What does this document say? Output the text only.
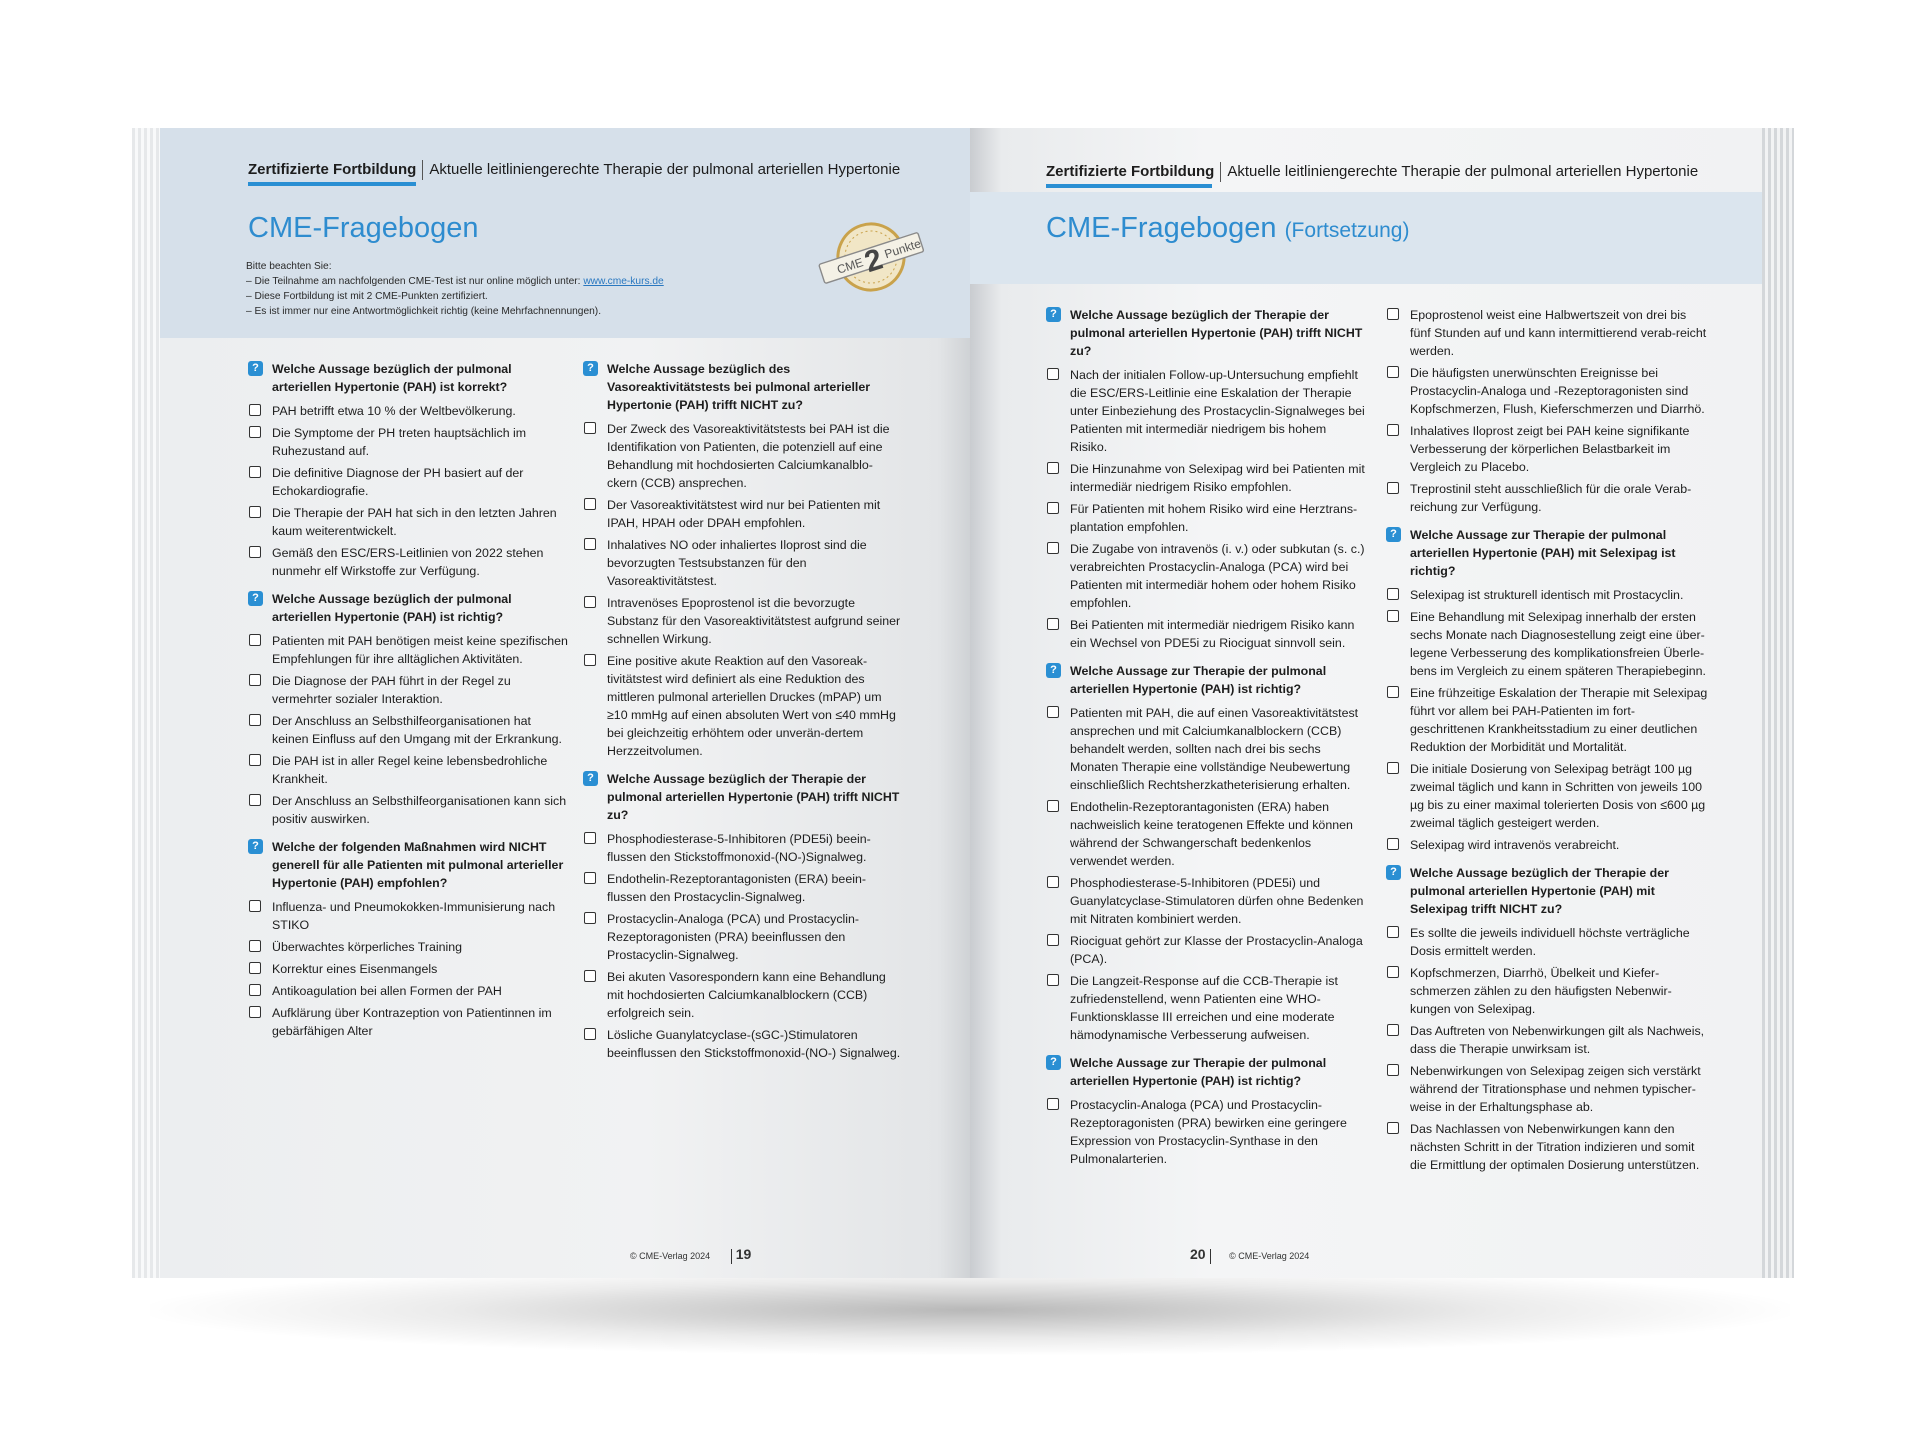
Zertifizierte Fortbildung Aktuelle leitliniengerechte Therapie der pulmonal arteriellen Hypertonie
CME-Fragebogen
Bitte beachten Sie:
– Die Teilnahme am nachfolgenden CME-Test ist nur online möglich unter: www.cme-kurs.de
– Diese Fortbildung ist mit 2 CME-Punkten zertifiziert.
– Es ist immer nur eine Antwortmöglichkeit richtig (keine Mehrfachnennungen).
CME
2
Punkte
?	Welche Aussage bezüglich der pulmonal arteriellen Hypertonie (PAH) ist korrekt?
PAH betrifft etwa 10 % der Weltbevölkerung.
Die Symptome der PH treten hauptsächlich im Ruhezustand auf.
Die definitive Diagnose der PH basiert auf der Echokardiografie.
Die Therapie der PAH hat sich in den letzten Jahren kaum weiterentwickelt.
Gemäß den ESC/ERS-Leitlinien von 2022 stehen nunmehr elf Wirkstoffe zur Verfügung.
?	Welche Aussage bezüglich der pulmonal arteriellen Hypertonie (PAH) ist richtig?
Patienten mit PAH benötigen meist keine spezifischen Empfehlungen für ihre alltäglichen Aktivitäten.
Die Diagnose der PAH führt in der Regel zu vermehrter sozialer Interaktion.
Der Anschluss an Selbsthilfeorganisationen hat keinen Einfluss auf den Umgang mit der Erkrankung.
Die PAH ist in aller Regel keine lebensbedrohliche Krankheit.
Der Anschluss an Selbsthilfeorganisationen kann sich positiv auswirken.
?	Welche der folgenden Maßnahmen wird NICHT generell für alle Patienten mit pulmonal arterieller Hypertonie (PAH) empfohlen?
Influenza- und Pneumokokken-Immunisierung nach STIKO
Überwachtes körperliches Training
Korrektur eines Eisenmangels
Antikoagulation bei allen Formen der PAH
Aufklärung über Kontrazeption von Patientinnen im gebärfähigen Alter
?	Welche Aussage bezüglich des Vasoreaktivitätstests bei pulmonal arterieller Hypertonie (PAH) trifft NICHT zu?
Der Zweck des Vasoreaktivitätstests bei PAH ist die Identifikation von Patienten, die potenziell auf eine Behandlung mit hochdosierten Calciumkanalblo-ckern (CCB) ansprechen.
Der Vasoreaktivitätstest wird nur bei Patienten mit IPAH, HPAH oder DPAH empfohlen.
Inhalatives NO oder inhaliertes Iloprost sind die bevorzugten Testsubstanzen für den Vasoreaktivitätstest.
Intravenöses Epoprostenol ist die bevorzugte Substanz für den Vasoreaktivitätstest aufgrund seiner schnellen Wirkung.
Eine positive akute Reaktion auf den Vasoreak-tivitätstest wird definiert als eine Reduktion des mittleren pulmonal arteriellen Druckes (mPAP) um ≥10 mmHg auf einen absoluten Wert von ≤40 mmHg bei gleichzeitig erhöhtem oder unverän-dertem Herzzeitvolumen.
?	Welche Aussage bezüglich der Therapie der pulmonal arteriellen Hypertonie (PAH) trifft NICHT zu?
Phosphodiesterase-5-Inhibitoren (PDE5i) beein-flussen den Stickstoffmonoxid-(NO-)Signalweg.
Endothelin-Rezeptorantagonisten (ERA) beein-flussen den Prostacyclin-Signalweg.
Prostacyclin-Analoga (PCA) und Prostacyclin-Rezeptoragonisten (PRA) beeinflussen den Prostacyclin-Signalweg.
Bei akuten Vasorespondern kann eine Behandlung mit hochdosierten Calciumkanalblockern (CCB) erfolgreich sein.
Lösliche Guanylatcyclase-(sGC-)Stimulatoren beeinflussen den Stickstoffmonoxid-(NO-) Signalweg.
© CME-Verlag 2024 19
Zertifizierte Fortbildung Aktuelle leitliniengerechte Therapie der pulmonal arteriellen Hypertonie
CME-Fragebogen (Fortsetzung)
?	Welche Aussage bezüglich der Therapie der pulmonal arteriellen Hypertonie (PAH) trifft NICHT zu?
Nach der initialen Follow-up-Untersuchung empfiehlt die ESC/ERS-Leitlinie eine Eskalation der Therapie unter Einbeziehung des Prostacyclin-Signalweges bei Patienten mit intermediär niedrigem bis hohem Risiko.
Die Hinzunahme von Selexipag wird bei Patienten mit intermediär niedrigem Risiko empfohlen.
Für Patienten mit hohem Risiko wird eine Herztrans-plantation empfohlen.
Die Zugabe von intravenös (i. v.) oder subkutan (s. c.) verabreichten Prostacyclin-Analoga (PCA) wird bei Patienten mit intermediär hohem oder hohem Risiko empfohlen.
Bei Patienten mit intermediär niedrigem Risiko kann ein Wechsel von PDE5i zu Riociguat sinnvoll sein.
?	Welche Aussage zur Therapie der pulmonal arteriellen Hypertonie (PAH) ist richtig?
Patienten mit PAH, die auf einen Vasoreaktivitätstest ansprechen und mit Calciumkanalblockern (CCB) behandelt werden, sollten nach drei bis sechs Monaten Therapie eine vollständige Neubewertung einschließlich Rechtsherzkatheterisierung erhalten.
Endothelin-Rezeptorantagonisten (ERA) haben nachweislich keine teratogenen Effekte und können während der Schwangerschaft bedenkenlos verwendet werden.
Phosphodiesterase-5-Inhibitoren (PDE5i) und Guanylatcyclase-Stimulatoren dürfen ohne Bedenken mit Nitraten kombiniert werden.
Riociguat gehört zur Klasse der Prostacyclin-Analoga (PCA).
Die Langzeit-Response auf die CCB-Therapie ist zufriedenstellend, wenn Patienten eine WHO-Funktionsklasse III erreichen und eine moderate hämodynamische Verbesserung aufweisen.
?	Welche Aussage zur Therapie der pulmonal arteriellen Hypertonie (PAH) ist richtig?
Prostacyclin-Analoga (PCA) und Prostacyclin-Rezeptoragonisten (PRA) bewirken eine geringere Expression von Prostacyclin-Synthase in den Pulmonalarterien.
Epoprostenol weist eine Halbwertszeit von drei bis fünf Stunden auf und kann intermittierend verab-reicht werden.
Die häufigsten unerwünschten Ereignisse bei Prostacyclin-Analoga und -Rezeptoragonisten sind Kopfschmerzen, Flush, Kieferschmerzen und Diarrhö.
Inhalatives Iloprost zeigt bei PAH keine signifikante Verbesserung der körperlichen Belastbarkeit im Vergleich zu Placebo.
Treprostinil steht ausschließlich für die orale Verab-reichung zur Verfügung.
?	Welche Aussage zur Therapie der pulmonal arteriellen Hypertonie (PAH) mit Selexipag ist richtig?
Selexipag ist strukturell identisch mit Prostacyclin.
Eine Behandlung mit Selexipag innerhalb der ersten sechs Monate nach Diagnosestellung zeigt eine über-legene Verbesserung des komplikationsfreien Überle-bens im Vergleich zu einem späteren Therapiebeginn.
Eine frühzeitige Eskalation der Therapie mit Selexipag führt vor allem bei PAH-Patienten im fort-geschrittenen Krankheitsstadium zu einer deutlichen Reduktion der Morbidität und Mortalität.
Die initiale Dosierung von Selexipag beträgt 100 µg zweimal täglich und kann in Schritten von jeweils 100 µg bis zu einer maximal tolerierten Dosis von ≤600 µg zweimal täglich gesteigert werden.
Selexipag wird intravenös verabreicht.
?	Welche Aussage bezüglich der Therapie der pulmonal arteriellen Hypertonie (PAH) mit Selexipag trifft NICHT zu?
Es sollte die jeweils individuell höchste verträgliche Dosis ermittelt werden.
Kopfschmerzen, Diarrhö, Übelkeit und Kiefer-schmerzen zählen zu den häufigsten Nebenwir-kungen von Selexipag.
Das Auftreten von Nebenwirkungen gilt als Nachweis, dass die Therapie unwirksam ist.
Nebenwirkungen von Selexipag zeigen sich verstärkt während der Titrationsphase und nehmen typischer-weise in der Erhaltungsphase ab.
Das Nachlassen von Nebenwirkungen kann den nächsten Schritt in der Titration indizieren und somit die Ermittlung der optimalen Dosierung unterstützen.
20	© CME-Verlag 2024
